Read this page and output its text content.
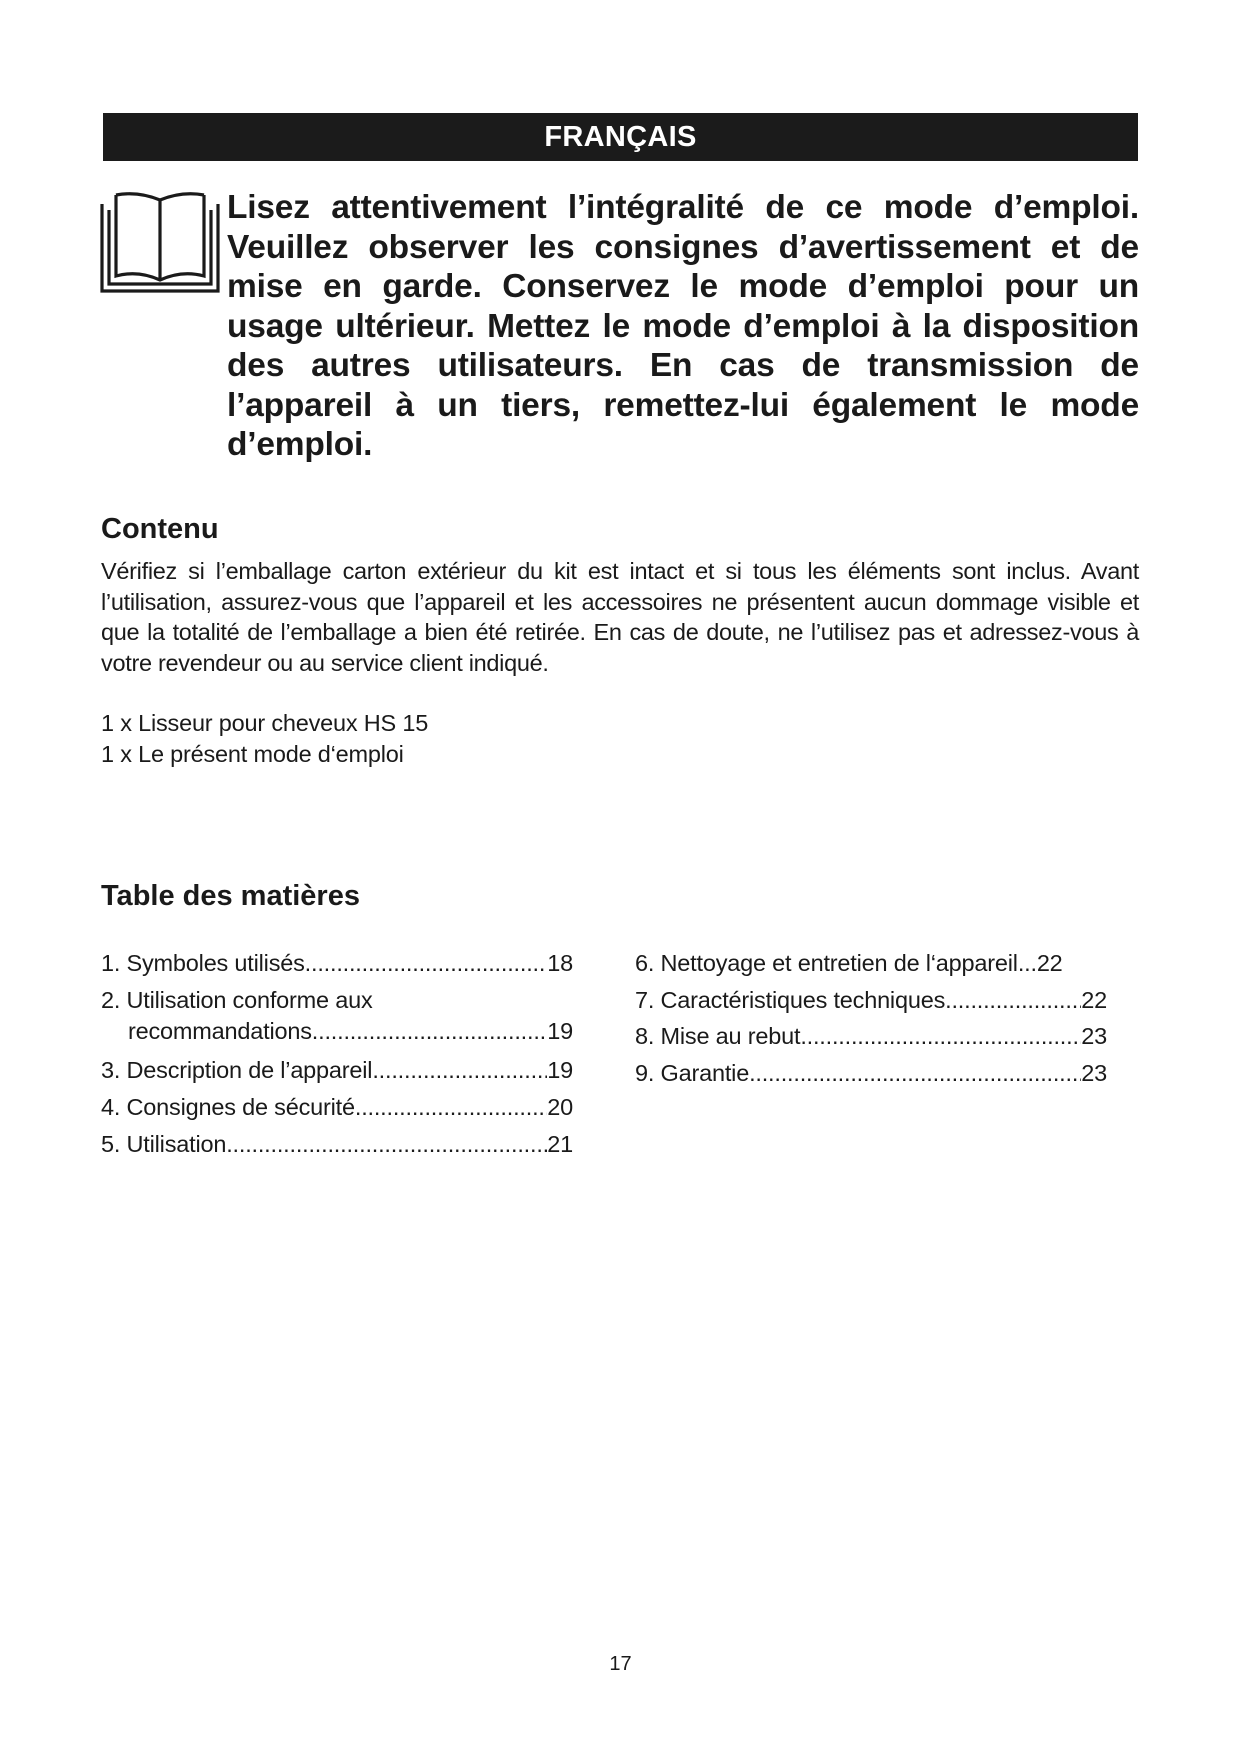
FRANÇAIS

Lisez attentivement l’intégralité de ce mode d’emploi. Veuillez observer les consignes d’avertissement et de mise en garde. Conservez le mode d’emploi pour un usage ultérieur. Mettez le mode d’emploi à la disposition des autres utilisateurs. En cas de transmission de l’appareil à un tiers, remettez-lui également le mode d’emploi.

Contenu

Vérifiez si l’emballage carton extérieur du kit est intact et si tous les éléments sont inclus. Avant l’utilisation, assurez-vous que l’appareil et les accessoires ne présentent aucun dommage visible et que la totalité de l’emballage a bien été retirée. En cas de doute, ne l’utilisez pas et adressez-vous à votre revendeur ou au service client indiqué.

1 x Lisseur pour cheveux HS 15
1 x Le présent mode d‘emploi
Table des matières
1. Symboles utilisés .....	18
2. Utilisation conforme aux
recommandations .....	19
3. Description de l’appareil .....	19
4. Consignes de sécurité .....	20
5. Utilisation .....	21
6. Nettoyage et entretien de l‘appareil ...22
7. Caractéristiques techniques .....	22
8. Mise au rebut .....	23
9. Garantie .....	23
17
